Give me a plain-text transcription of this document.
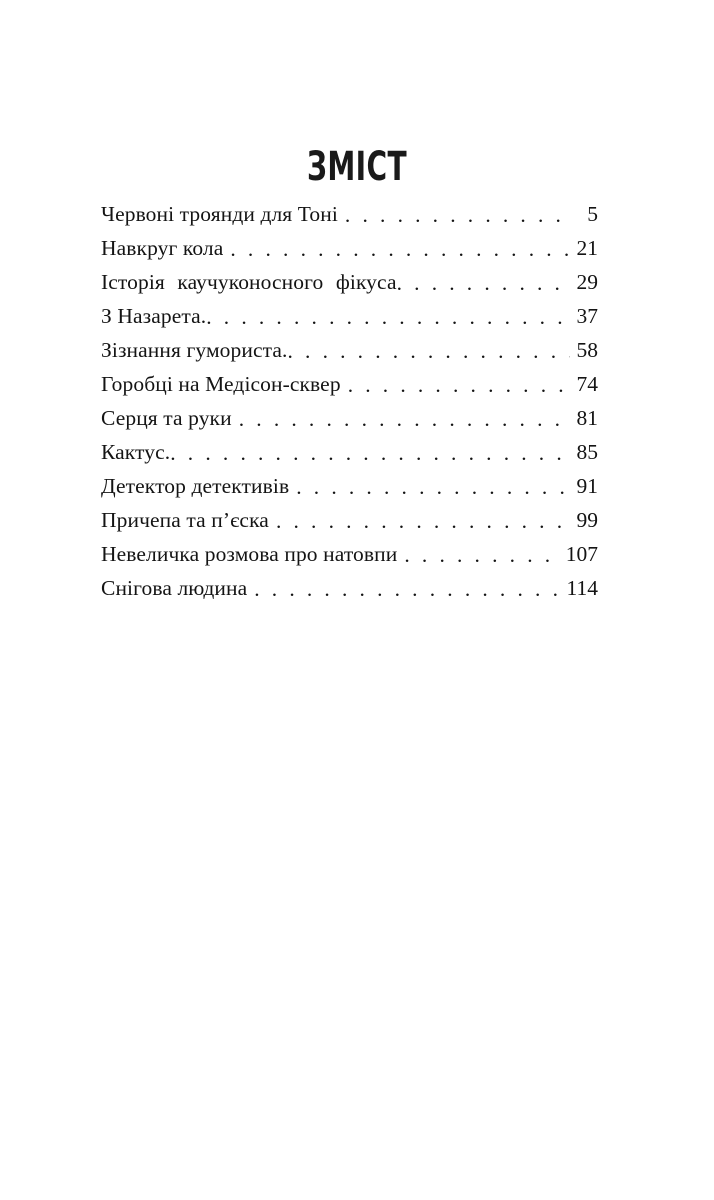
ЗМІСТ
Червоні троянди для Тоні . . .	5
Навкруг кола . . .	21
Історія каучуконосного фікуса . . .	29
З Назарета. . . .	37
Зізнання гумориста. . . .	58
Горобці на Медісон-сквер . . .	74
Серця та руки . . .	81
Кактус. . . .	85
Детектор детективів . . .	91
Причепа та п’єска . . .	99
Невеличка розмова про натовпи . . .	107
Снігова людина . . .	114
